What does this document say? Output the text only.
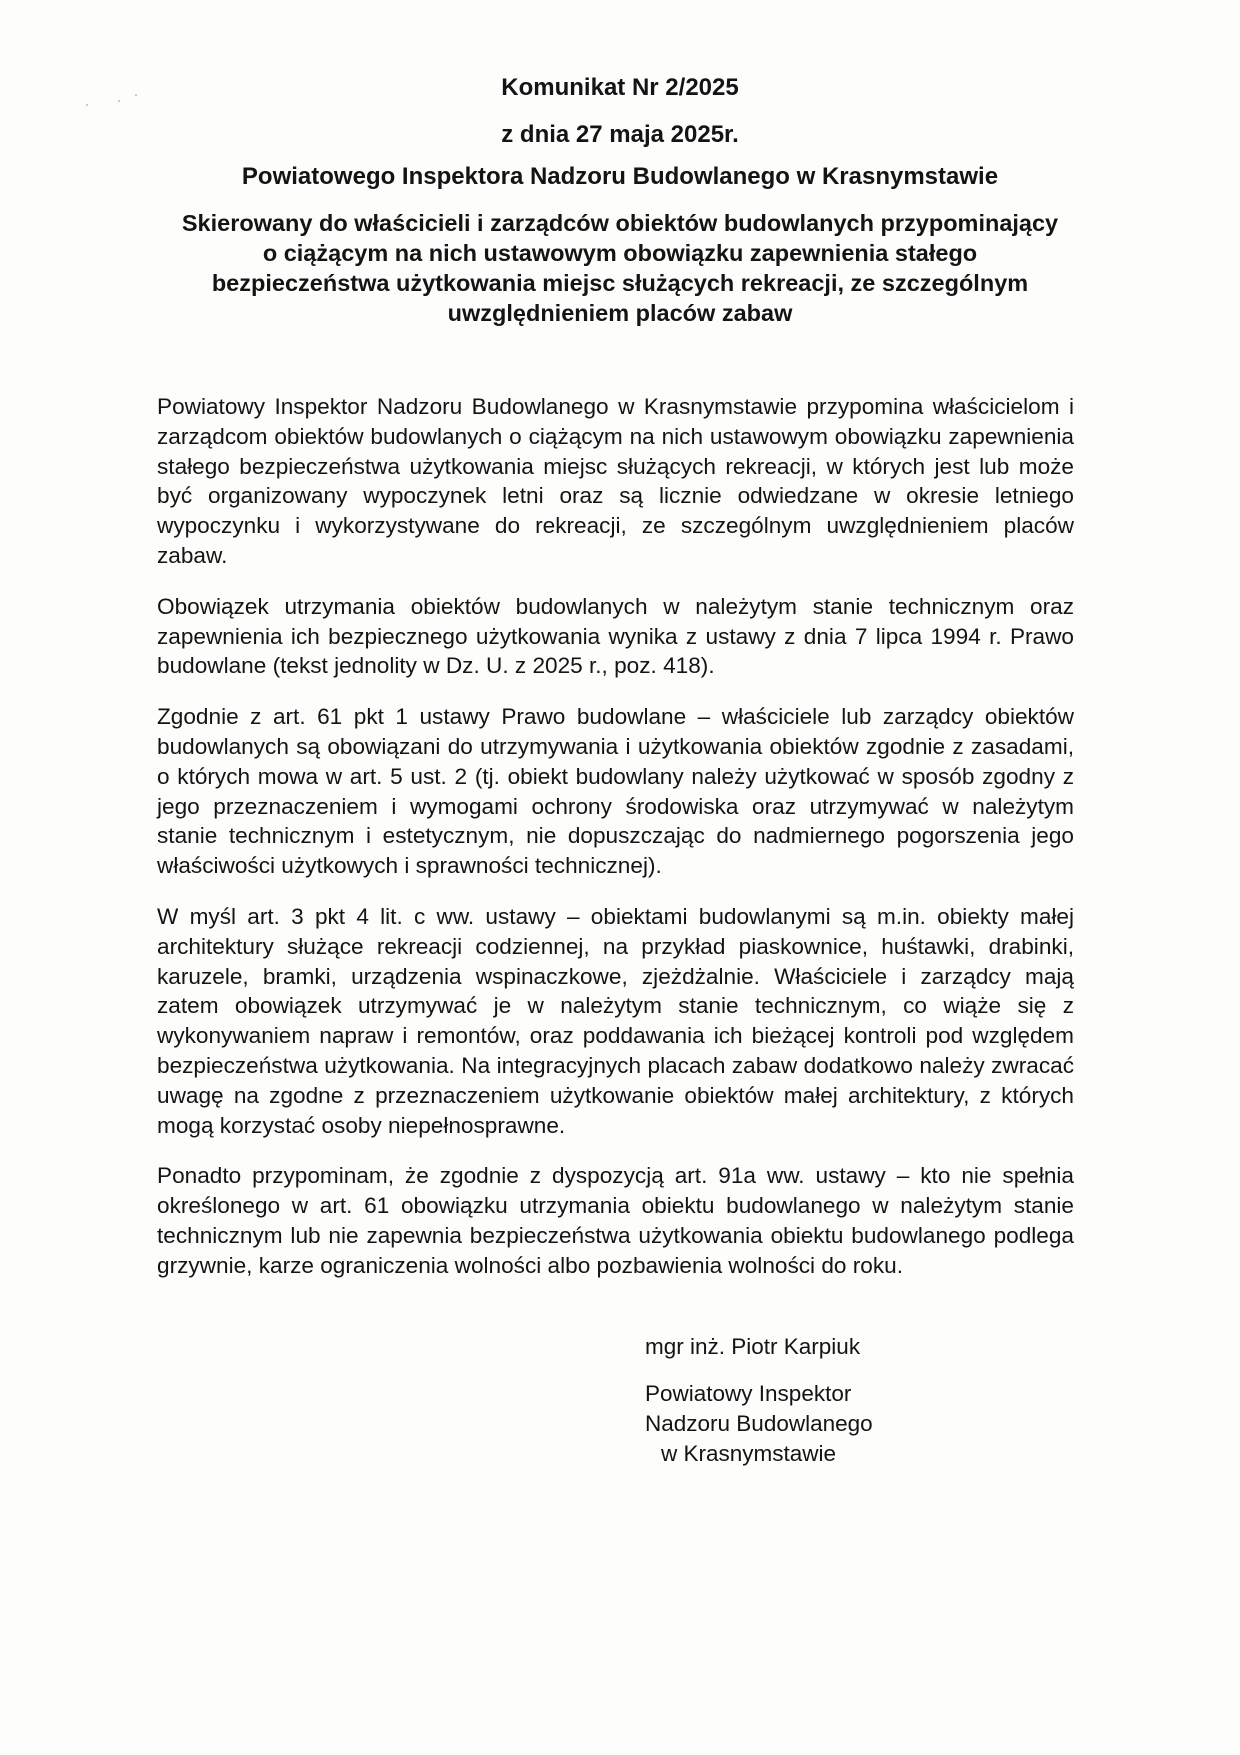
Komunikat Nr 2/2025

z dnia 27 maja 2025r.

Powiatowego Inspektora Nadzoru Budowlanego w Krasnymstawie

Skierowany do właścicieli i zarządców obiektów budowlanych przypominający
o ciążącym na nich ustawowym obowiązku zapewnienia stałego
bezpieczeństwa użytkowania miejsc służących rekreacji, ze szczególnym
uwzględnieniem placów zabaw

Powiatowy Inspektor Nadzoru Budowlanego w Krasnymstawie przypomina właścicielom i zarządcom obiektów budowlanych o ciążącym na nich ustawowym obowiązku zapewnienia stałego bezpieczeństwa użytkowania miejsc służących rekreacji, w których jest lub może być organizowany wypoczynek letni oraz są licznie odwiedzane w okresie letniego wypoczynku i wykorzystywane do rekreacji, ze szczególnym uwzględnieniem placów zabaw.

Obowiązek utrzymania obiektów budowlanych w należytym stanie technicznym oraz zapewnienia ich bezpiecznego użytkowania wynika z ustawy z dnia 7 lipca 1994 r. Prawo budowlane (tekst jednolity w Dz. U. z 2025 r., poz. 418).

Zgodnie z art. 61 pkt 1 ustawy Prawo budowlane – właściciele lub zarządcy obiektów budowlanych są obowiązani do utrzymywania i użytkowania obiektów zgodnie z zasadami, o których mowa w art. 5 ust. 2 (tj. obiekt budowlany należy użytkować w sposób zgodny z jego przeznaczeniem i wymogami ochrony środowiska oraz utrzymywać w należytym stanie technicznym i estetycznym, nie dopuszczając do nadmiernego pogorszenia jego właściwości użytkowych i sprawności technicznej).

W myśl art. 3 pkt 4 lit. c ww. ustawy – obiektami budowlanymi są m.in. obiekty małej architektury służące rekreacji codziennej, na przykład piaskownice, huśtawki, drabinki, karuzele, bramki, urządzenia wspinaczkowe, zjeżdżalnie. Właściciele i zarządcy mają zatem obowiązek utrzymywać je w należytym stanie technicznym, co wiąże się z wykonywaniem napraw i remontów, oraz poddawania ich bieżącej kontroli pod względem bezpieczeństwa użytkowania. Na integracyjnych placach zabaw dodatkowo należy zwracać uwagę na zgodne z przeznaczeniem użytkowanie obiektów małej architektury, z których mogą korzystać osoby niepełnosprawne.

Ponadto przypominam, że zgodnie z dyspozycją art. 91a ww. ustawy – kto nie spełnia określonego w art. 61 obowiązku utrzymania obiektu budowlanego w należytym stanie technicznym lub nie zapewnia bezpieczeństwa użytkowania obiektu budowlanego podlega grzywnie, karze ograniczenia wolności albo pozbawienia wolności do roku.

mgr inż. Piotr Karpiuk

Powiatowy Inspektor
Nadzoru Budowlanego
w Krasnymstawie
